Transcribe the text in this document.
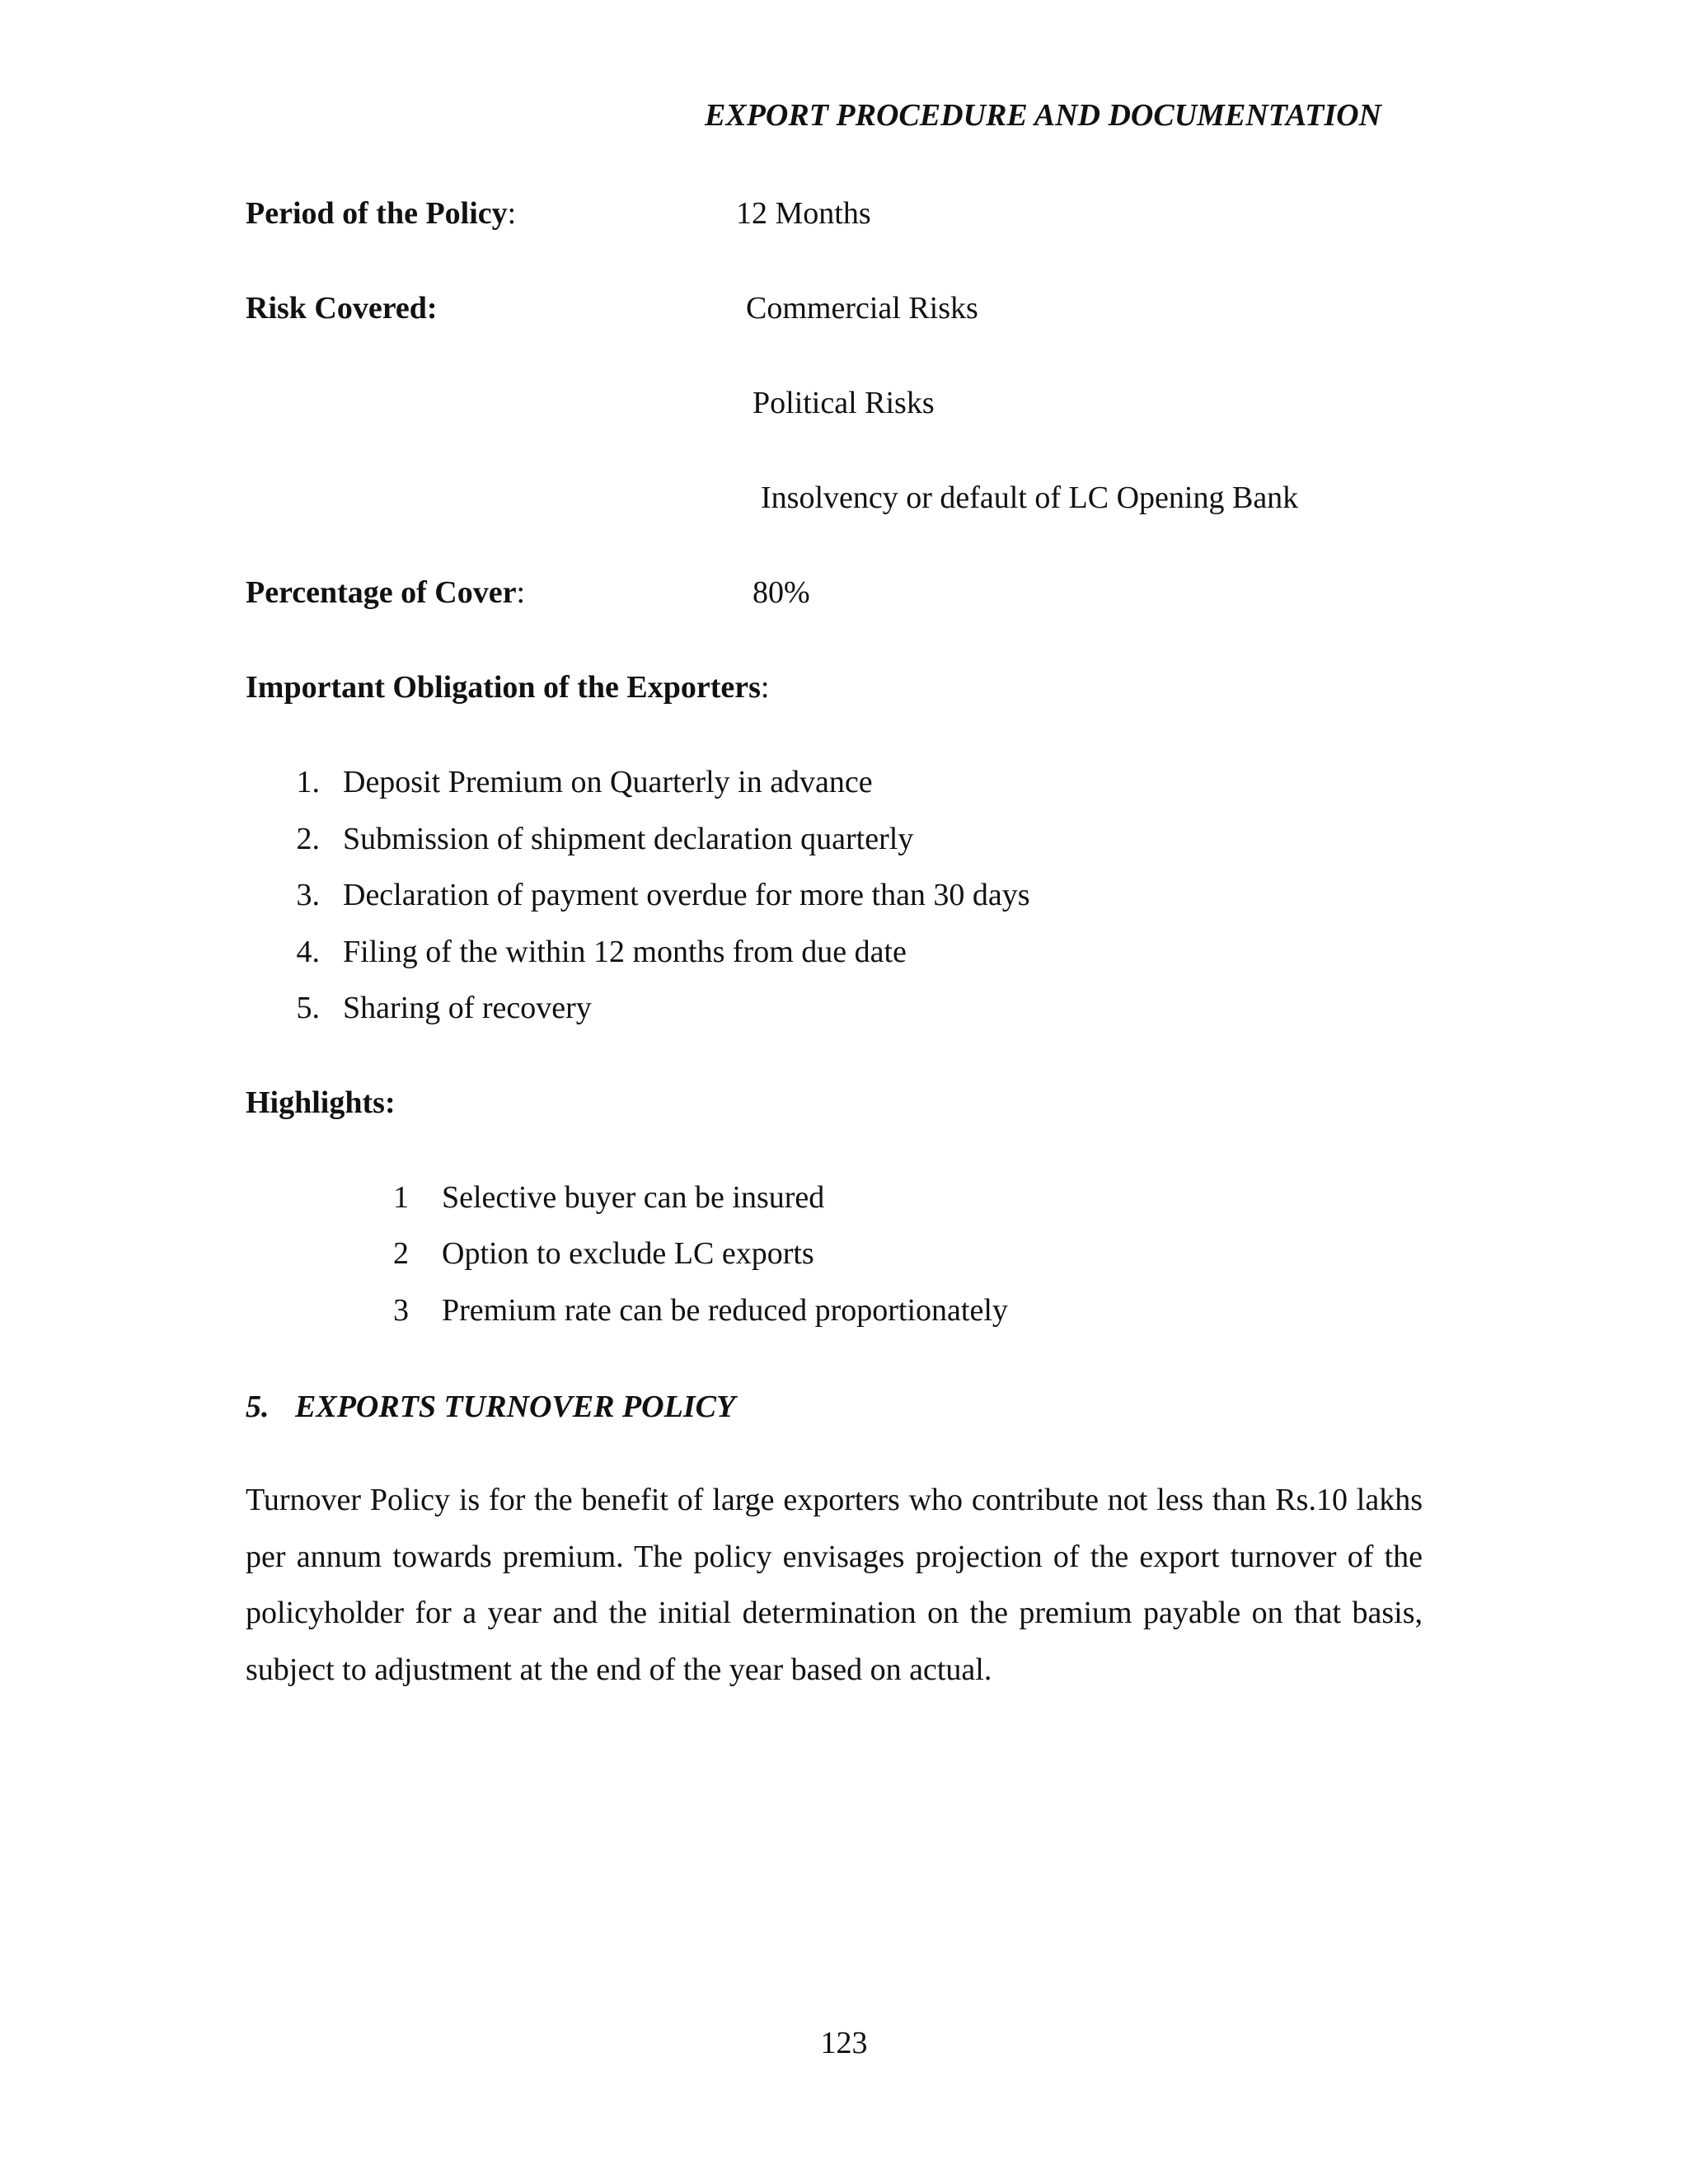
EXPORT PROCEDURE AND DOCUMENTATION
Period of the Policy:	12 Months
Risk Covered:	Commercial Risks
Political Risks
Insolvency or default of LC Opening Bank
Percentage of Cover:	80%
Important Obligation of the Exporters:
1. Deposit Premium on Quarterly in advance
2. Submission of shipment declaration quarterly
3. Declaration of payment overdue for more than 30 days
4. Filing of the within 12 months from due date
5. Sharing of recovery
Highlights:
1 Selective buyer can be insured
2 Option to exclude LC exports
3 Premium rate can be reduced proportionately
5. EXPORTS TURNOVER POLICY
Turnover Policy is for the benefit of large exporters who contribute not less than Rs.10 lakhs per annum towards premium. The policy envisages projection of the export turnover of the policyholder for a year and the initial determination on the premium payable on that basis, subject to adjustment at the end of the year based on actual.
123
